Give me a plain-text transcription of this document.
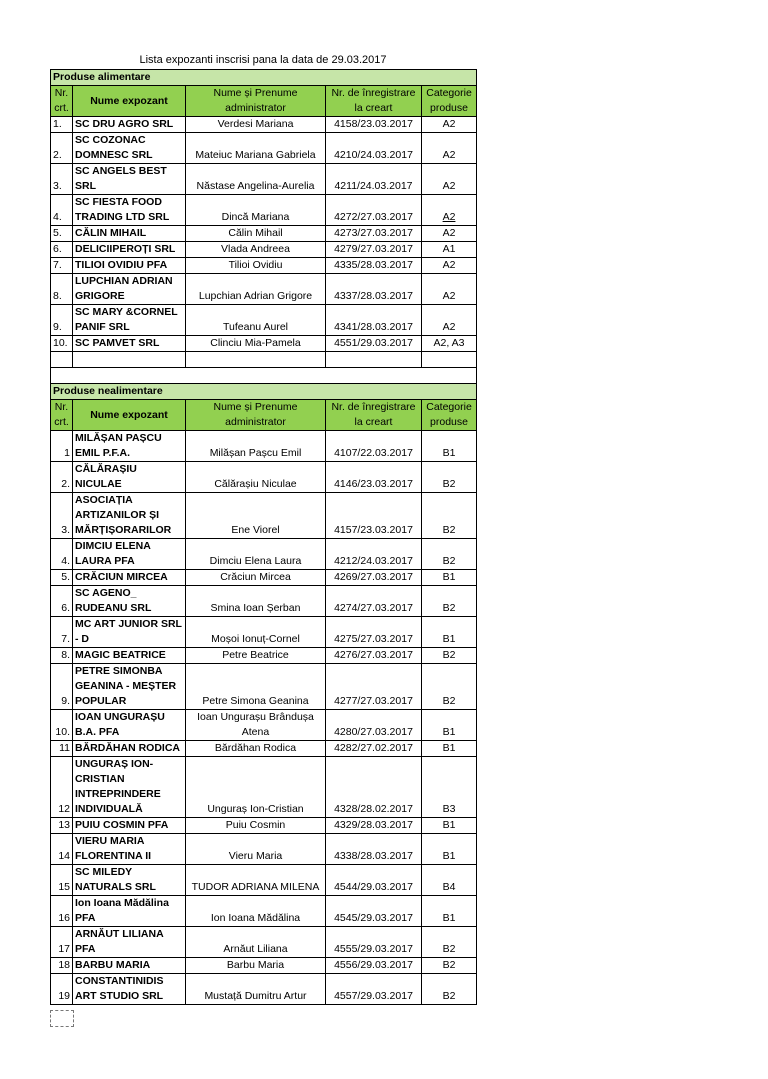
Lista expozanti inscrisi pana la data de 29.03.2017
Produse alimentare				
Nr. crt.	Nume expozant	Nume și Prenume administrator	Nr. de înregistrare la creart	Categorie produse
1.	SC DRU AGRO SRL	Verdesi Mariana	4158/23.03.2017	A2
2.	SC COZONAC DOMNESC SRL	Mateiuc Mariana Gabriela	4210/24.03.2017	A2
3.	SC ANGELS BEST SRL	Năstase Angelina-Aurelia	4211/24.03.2017	A2
4.	SC FIESTA FOOD TRADING LTD SRL	Dincă Mariana	4272/27.03.2017	A2
5.	CĂLIN MIHAIL	Călin Mihail	4273/27.03.2017	A2
6.	DELICIIPEROȚI SRL	Vlada Andreea	4279/27.03.2017	A1
7.	TILIOI OVIDIU PFA	Tilioi Ovidiu	4335/28.03.2017	A2
8.	LUPCHIAN ADRIAN GRIGORE	Lupchian Adrian Grigore	4337/28.03.2017	A2
9.	SC MARY &CORNEL PANIF SRL	Tufeanu Aurel	4341/28.03.2017	A2
10.	SC PAMVET SRL	Clinciu Mia-Pamela	4551/29.03.2017	A2, A3

Produse nealimentare				
Nr. crt.	Nume expozant	Nume și Prenume administrator	Nr. de înregistrare la creart	Categorie produse
1	MILĂȘAN PAȘCU EMIL P.F.A.	Milășan Pașcu Emil	4107/22.03.2017	B1
2.	CĂLĂRAȘIU NICULAE	Călărașiu Niculae	4146/23.03.2017	B2
3.	ASOCIAȚIA ARTIZANILOR ȘI MĂRȚIȘORARILOR	Ene Viorel	4157/23.03.2017	B2
4.	DIMCIU ELENA LAURA PFA	Dimciu Elena Laura	4212/24.03.2017	B2
5.	CRĂCIUN MIRCEA	Crăciun Mircea	4269/27.03.2017	B1
6.	SC AGENO_ RUDEANU SRL	Smina Ioan Șerban	4274/27.03.2017	B2
7.	MC ART JUNIOR SRL - D	Moșoi Ionuț-Cornel	4275/27.03.2017	B1
8.	MAGIC BEATRICE	Petre Beatrice	4276/27.03.2017	B2
9.	PETRE SIMONBA GEANINA - MEȘTER POPULAR	Petre Simona Geanina	4277/27.03.2017	B2
10.	IOAN UNGURAȘU B.A. PFA	Ioan Ungurașu Brândușa Atena	4280/27.03.2017	B1
11	BĂRDĂHAN RODICA	Bărdăhan Rodica	4282/27.02.2017	B1
12	UNGURAȘ ION-CRISTIAN INTREPRINDERE INDIVIDUALĂ	Unguraș Ion-Cristian	4328/28.02.2017	B3
13	PUIU COSMIN PFA	Puiu Cosmin	4329/28.03.2017	B1
14	VIERU MARIA FLORENTINA II	Vieru Maria	4338/28.03.2017	B1
15	SC MILEDY NATURALS SRL	TUDOR ADRIANA MILENA	4544/29.03.2017	B4
16	Ion Ioana Mădălina PFA	Ion Ioana Mădălina	4545/29.03.2017	B1
17	ARNĂUT LILIANA PFA	Arnăut Liliana	4555/29.03.2017	B2
18	BARBU MARIA	Barbu Maria	4556/29.03.2017	B2
19	CONSTANTINIDIS ART STUDIO SRL	Mustață Dumitru Artur	4557/29.03.2017	B2
